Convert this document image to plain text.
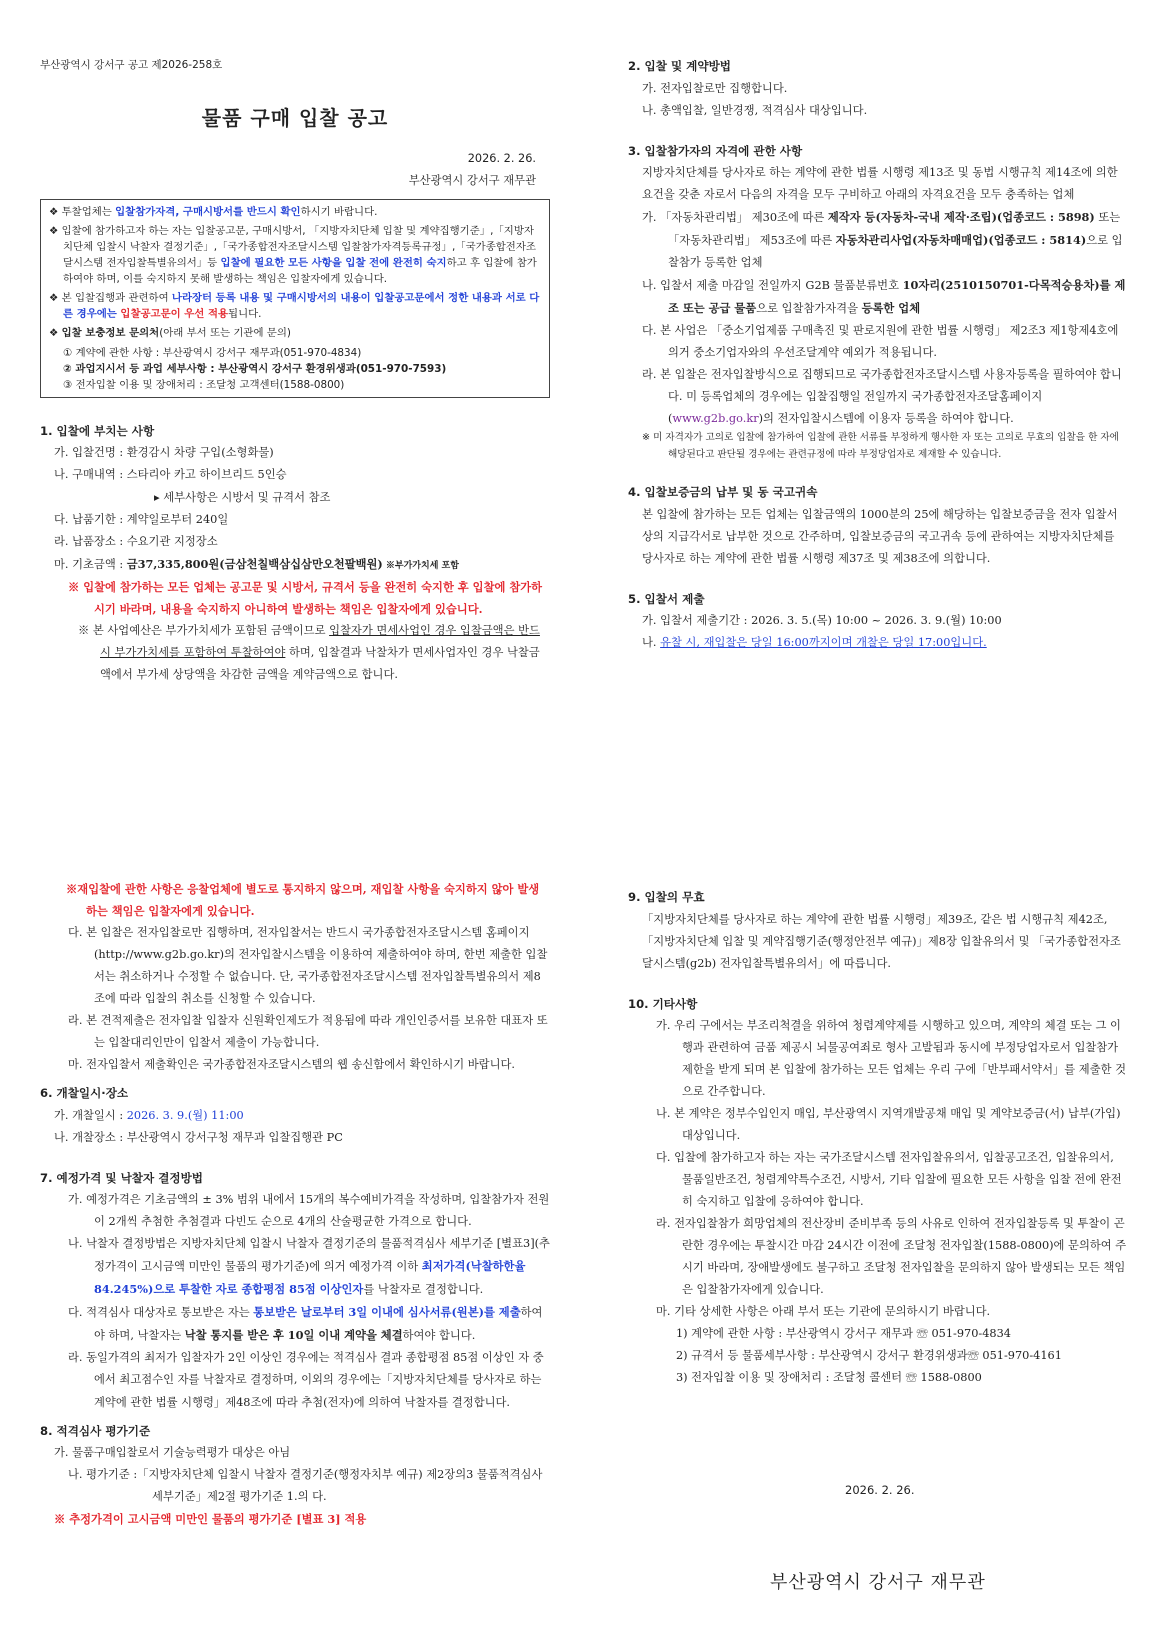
부산광역시 강서구 공고 제2026-258호

물품 구매 입찰 공고

2026. 2. 26.

부산광역시 강서구 재무관

❖ 투찰업체는 입찰참가자격, 구매시방서를 반드시 확인하시기 바랍니다.

❖ 입찰에 참가하고자 하는 자는 입찰공고문, 구매시방서, 「지방자치단체 입찰 및 계약집행기준」,「지방자치단체 입찰시 낙찰자 결정기준」,「국가종합전자조달시스템 입찰참가자격등록규정」,「국가종합전자조달시스템 전자입찰특별유의서」등 입찰에 필요한 모든 사항을 입찰 전에 완전히 숙지하고 후 입찰에 참가하여야 하며, 이를 숙지하지 못해 발생하는 책임은 입찰자에게 있습니다.

❖ 본 입찰집행과 관련하여 나라장터 등록 내용 및 구매시방서의 내용이 입찰공고문에서 정한 내용과 서로 다른 경우에는 입찰공고문이 우선 적용됩니다.

❖ 입찰 보충정보 문의처(아래 부서 또는 기관에 문의)

① 계약에 관한 사항 : 부산광역시 강서구 재무과(051-970-4834)

② 과업지시서 등 과업 세부사항 : 부산광역시 강서구 환경위생과(051-970-7593)

③ 전자입찰 이용 및 장애처리 : 조달청 고객센터(1588-0800)

1. 입찰에 부치는 사항

가. 입찰건명 : 환경감시 차량 구입(소형화물)

나. 구매내역 : 스타리아 카고 하이브리드 5인승

▸ 세부사항은 시방서 및 규격서 참조

다. 납품기한 : 계약일로부터 240일

라. 납품장소 : 수요기관 지정장소

마. 기초금액 : 금37,335,800원(금삼천칠백삼십삼만오천팔백원) ※부가가치세 포함

※ 입찰에 참가하는 모든 업체는 공고문 및 시방서, 규격서 등을 완전히 숙지한 후 입찰에 참가하시기 바라며, 내용을 숙지하지 아니하여 발생하는 책임은 입찰자에게 있습니다.

※ 본 사업예산은 부가가치세가 포함된 금액이므로 입찰자가 면세사업인 경우 입찰금액은 반드시 부가가치세를 포함하여 투찰하여야 하며, 입찰결과 낙찰차가 면세사업자인 경우 낙찰금액에서 부가세 상당액을 차감한 금액을 계약금액으로 합니다.

2. 입찰 및 계약방법

가. 전자입찰로만 집행합니다.

나. 총액입찰, 일반경쟁, 적격심사 대상입니다.

3. 입찰참가자의 자격에 관한 사항

지방자치단체를 당사자로 하는 계약에 관한 법률 시행령 제13조 및 동법 시행규칙 제14조에 의한 요건을 갖춘 자로서 다음의 자격을 모두 구비하고 아래의 자격요건을 모두 충족하는 업체

가. 「자동차관리법」 제30조에 따른 제작자 등(자동차-국내 제작·조립)(업종코드 : 5898) 또는 「자동차관리법」 제53조에 따른 자동차관리사업(자동차매매업)(업종코드 : 5814)으로 입찰참가 등록한 업체

나. 입찰서 제출 마감일 전일까지 G2B 물품분류번호 10자리(2510150701-다목적승용차)를 제조 또는 공급 물품으로 입찰참가자격을 등록한 업체

다. 본 사업은 「중소기업제품 구매촉진 및 판로지원에 관한 법률 시행령」 제2조3 제1항제4호에 의거 중소기업자와의 우선조달계약 예외가 적용됩니다.

라. 본 입찰은 전자입찰방식으로 집행되므로 국가종합전자조달시스템 사용자등록을 필하여야 합니다. 미 등록업체의 경우에는 입찰집행일 전일까지 국가종합전자조달홈페이지(www.g2b.go.kr)의 전자입찰시스템에 이용자 등록을 하여야 합니다.

※ 미 자격자가 고의로 입찰에 참가하여 입찰에 관한 서류를 부정하게 행사한 자 또는 고의로 무효의 입찰을 한 자에 해당된다고 판단될 경우에는 관련규정에 따라 부정당업자로 제재할 수 있습니다.

4. 입찰보증금의 납부 및 동 국고귀속

본 입찰에 참가하는 모든 업체는 입찰금액의 1000분의 25에 해당하는 입찰보증금을 전자 입찰서상의 지급각서로 납부한 것으로 간주하며, 입찰보증금의 국고귀속 등에 관하여는 지방자치단체를 당사자로 하는 계약에 관한 법률 시행령 제37조 및 제38조에 의합니다.

5. 입찰서 제출

가. 입찰서 제출기간 : 2026. 3. 5.(목) 10:00 ~ 2026. 3. 9.(월) 10:00

나. 유찰 시, 재입찰은 당일 16:00까지이며 개찰은 당일 17:00입니다.

※재입찰에 관한 사항은 응찰업체에 별도로 통지하지 않으며, 재입찰 사항을 숙지하지 않아 발생하는 책임은 입찰자에게 있습니다.

다. 본 입찰은 전자입찰로만 집행하며, 전자입찰서는 반드시 국가종합전자조달시스템 홈페이지(http://www.g2b.go.kr)의 전자입찰시스템을 이용하여 제출하여야 하며, 한번 제출한 입찰서는 취소하거나 수정할 수 없습니다. 단, 국가종합전자조달시스템 전자입찰특별유의서 제8조에 따라 입찰의 취소를 신청할 수 있습니다.

라. 본 견적제출은 전자입찰 입찰자 신원확인제도가 적용됨에 따라 개인인증서를 보유한 대표자 또는 입찰대리인만이 입찰서 제출이 가능합니다.

마. 전자입찰서 제출확인은 국가종합전자조달시스템의 웹 송신함에서 확인하시기 바랍니다.

6. 개찰일시·장소

가. 개찰일시 : 2026. 3. 9.(월) 11:00

나. 개찰장소 : 부산광역시 강서구청 재무과 입찰집행관 PC

7. 예정가격 및 낙찰자 결정방법

가. 예정가격은 기초금액의 ± 3% 범위 내에서 15개의 복수예비가격을 작성하며, 입찰참가자 전원이 2개씩 추첨한 추첨결과 다빈도 순으로 4개의 산술평균한 가격으로 합니다.

나. 낙찰자 결정방법은 지방자치단체 입찰시 낙찰자 결정기준의 물품적격심사 세부기준 [별표3](추정가격이 고시금액 미만인 물품의 평가기준)에 의거 예정가격 이하 최저가격(낙찰하한율 84.245%)으로 투찰한 자로 종합평점 85점 이상인자를 낙찰자로 결정합니다.

다. 적격심사 대상자로 통보받은 자는 통보받은 날로부터 3일 이내에 심사서류(원본)를 제출하여야 하며, 낙찰자는 낙찰 통지를 받은 후 10일 이내 계약을 체결하여야 합니다.

라. 동일가격의 최저가 입찰자가 2인 이상인 경우에는 적격심사 결과 종합평점 85점 이상인 자 중에서 최고점수인 자를 낙찰자로 결정하며, 이외의 경우에는「지방자치단체를 당사자로 하는 계약에 관한 법률 시행령」제48조에 따라 추첨(전자)에 의하여 낙찰자를 결정합니다.

8. 적격심사 평가기준

가. 물품구매입찰로서 기술능력평가 대상은 아님

나. 평가기준 :「지방자치단체 입찰시 낙찰자 결정기준(행정자치부 예규) 제2장의3 물품적격심사 세부기준」제2절 평가기준 1.의 다.

※ 추정가격이 고시금액 미만인 물품의 평가기준 [별표 3] 적용

9. 입찰의 무효

「지방자치단체를 당사자로 하는 계약에 관한 법률 시행령」제39조, 같은 법 시행규칙 제42조, 「지방자치단체 입찰 및 계약집행기준(행정안전부 예규)」제8장 입찰유의서 및 「국가종합전자조달시스템(g2b) 전자입찰특별유의서」에 따릅니다.

10. 기타사항

가. 우리 구에서는 부조리척결을 위하여 청렴계약제를 시행하고 있으며, 계약의 체결 또는 그 이행과 관련하여 금품 제공시 뇌물공여죄로 형사 고발됨과 동시에 부정당업자로서 입찰참가제한을 받게 되며 본 입찰에 참가하는 모든 업체는 우리 구에「반부패서약서」를 제출한 것으로 간주합니다.

나. 본 계약은 정부수입인지 매입, 부산광역시 지역개발공채 매입 및 계약보증금(서) 납부(가입) 대상입니다.

다. 입찰에 참가하고자 하는 자는 국가조달시스템 전자입찰유의서, 입찰공고조건, 입찰유의서, 물품일반조건, 청렴계약특수조건, 시방서, 기타 입찰에 필요한 모든 사항을 입찰 전에 완전히 숙지하고 입찰에 응하여야 합니다.

라. 전자입찰참가 희망업체의 전산장비 준비부족 등의 사유로 인하여 전자입찰등록 및 투찰이 곤란한 경우에는 투찰시간 마감 24시간 이전에 조달청 전자입찰(1588-0800)에 문의하여 주시기 바라며, 장애발생에도 불구하고 조달청 전자입찰을 문의하지 않아 발생되는 모든 책임은 입찰참가자에게 있습니다.

마. 기타 상세한 사항은 아래 부서 또는 기관에 문의하시기 바랍니다.

1) 계약에 관한 사항 : 부산광역시 강서구 재무과 ☏ 051-970-4834

2) 규격서 등 물품세부사항 : 부산광역시 강서구 환경위생과☏ 051-970-4161

3) 전자입찰 이용 및 장애처리 : 조달청 콜센터 ☏ 1588-0800

2026. 2. 26.
부산광역시 강서구 재무관
